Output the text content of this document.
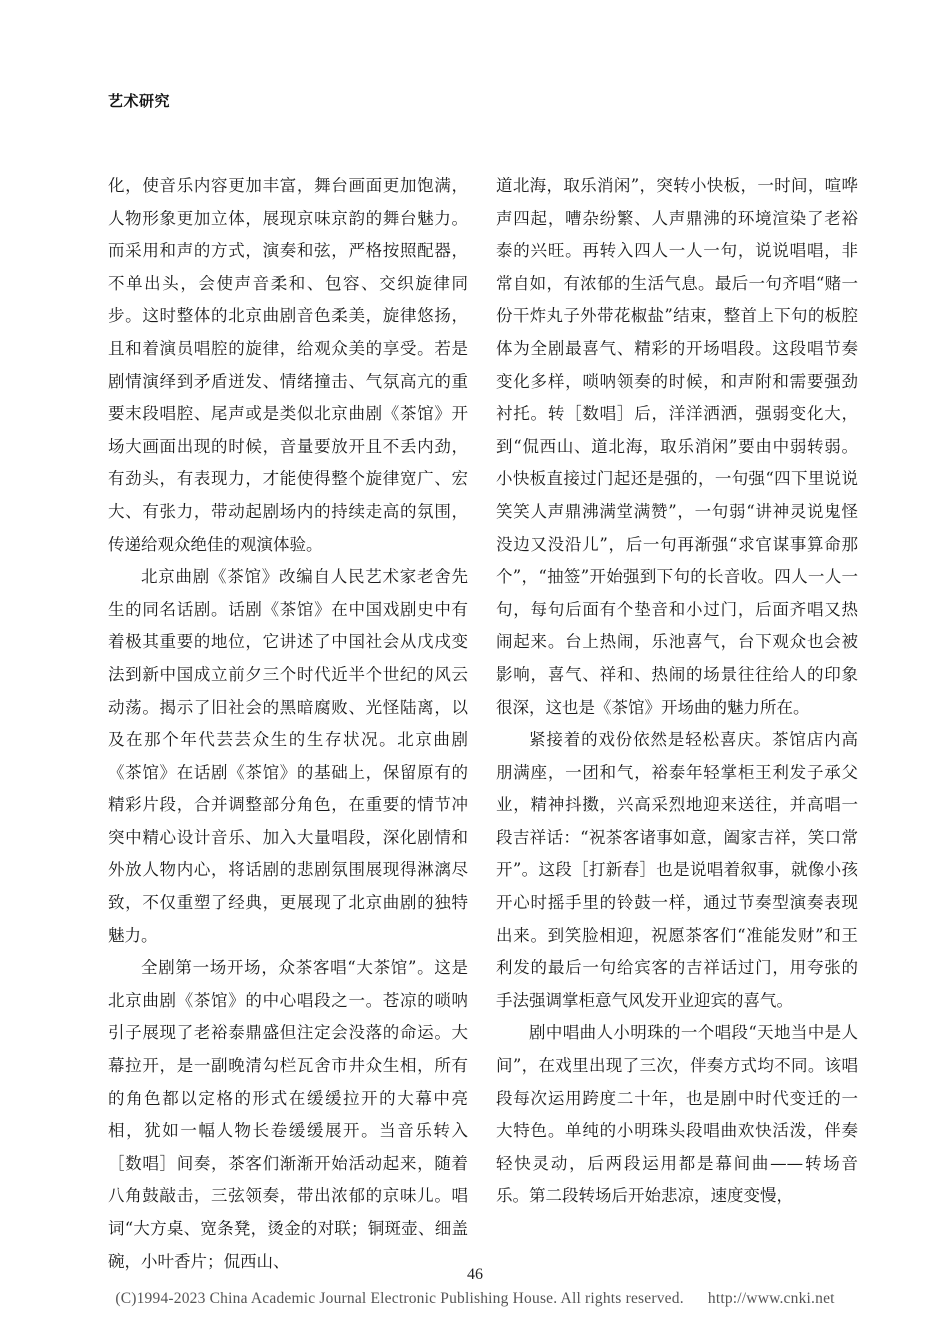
艺术研究

化，使音乐内容更加丰富，舞台画面更加饱满，人物形象更加立体，展现京味京韵的舞台魅力。而采用和声的方式，演奏和弦，严格按照配器，不单出头，会使声音柔和、包容、交织旋律同步。这时整体的北京曲剧音色柔美，旋律悠扬，且和着演员唱腔的旋律，给观众美的享受。若是剧情演绎到矛盾迸发、情绪撞击、气氛高亢的重要末段唱腔、尾声或是类似北京曲剧《茶馆》开场大画面出现的时候，音量要放开且不丢内劲，有劲头，有表现力，才能使得整个旋律宽广、宏大、有张力，带动起剧场内的持续走高的氛围，传递给观众绝佳的观演体验。

北京曲剧《茶馆》改编自人民艺术家老舍先生的同名话剧。话剧《茶馆》在中国戏剧史中有着极其重要的地位，它讲述了中国社会从戊戌变法到新中国成立前夕三个时代近半个世纪的风云动荡。揭示了旧社会的黑暗腐败、光怪陆离，以及在那个年代芸芸众生的生存状况。北京曲剧《茶馆》在话剧《茶馆》的基础上，保留原有的精彩片段，合并调整部分角色，在重要的情节冲突中精心设计音乐、加入大量唱段，深化剧情和外放人物内心，将话剧的悲剧氛围展现得淋漓尽致，不仅重塑了经典，更展现了北京曲剧的独特魅力。

全剧第一场开场，众茶客唱“大茶馆”。这是北京曲剧《茶馆》的中心唱段之一。苍凉的唢呐引子展现了老裕泰鼎盛但注定会没落的命运。大幕拉开，是一副晚清勾栏瓦舍市井众生相，所有的角色都以定格的形式在缓缓拉开的大幕中亮相，犹如一幅人物长卷缓缓展开。当音乐转入［数唱］间奏，茶客们渐渐开始活动起来，随着八角鼓敲击，三弦领奏，带出浓郁的京味儿。唱词“大方桌、宽条凳，烫金的对联；铜斑壶、细盖碗，小叶香片；侃西山、

道北海，取乐消闲”，突转小快板，一时间，喧哗声四起，嘈杂纷繁、人声鼎沸的环境渲染了老裕泰的兴旺。再转入四人一人一句，说说唱唱，非常自如，有浓郁的生活气息。最后一句齐唱“赌一份干炸丸子外带花椒盐”结束，整首上下句的板腔体为全剧最喜气、精彩的开场唱段。这段唱节奏变化多样，唢呐领奏的时候，和声附和需要强劲衬托。转［数唱］后，洋洋洒洒，强弱变化大，到“侃西山、道北海，取乐消闲”要由中弱转弱。小快板直接过门起还是强的，一句强“四下里说说笑笑人声鼎沸满堂满赞”，一句弱“讲神灵说鬼怪没边又没沿儿”，后一句再渐强“求官谋事算命那个”，“抽签”开始强到下句的长音收。四人一人一句，每句后面有个垫音和小过门，后面齐唱又热闹起来。台上热闹，乐池喜气，台下观众也会被影响，喜气、祥和、热闹的场景往往给人的印象很深，这也是《茶馆》开场曲的魅力所在。

紧接着的戏份依然是轻松喜庆。茶馆店内高朋满座，一团和气，裕泰年轻掌柜王利发子承父业，精神抖擞，兴高采烈地迎来送往，并高唱一段吉祥话：“祝茶客诸事如意，阖家吉祥，笑口常开”。这段［打新春］也是说唱着叙事，就像小孩开心时摇手里的铃鼓一样，通过节奏型演奏表现出来。到笑脸相迎，祝愿茶客们“准能发财”和王利发的最后一句给宾客的吉祥话过门，用夸张的手法强调掌柜意气风发开业迎宾的喜气。

剧中唱曲人小明珠的一个唱段“天地当中是人间”，在戏里出现了三次，伴奏方式均不同。该唱段每次运用跨度二十年，也是剧中时代变迁的一大特色。单纯的小明珠头段唱曲欢快活泼，伴奏轻快灵动，后两段运用都是幕间曲——转场音乐。第二段转场后开始悲凉，速度变慢，

46
(C)1994-2023 China Academic Journal Electronic Publishing House. All rights reserved. http://www.cnki.net
